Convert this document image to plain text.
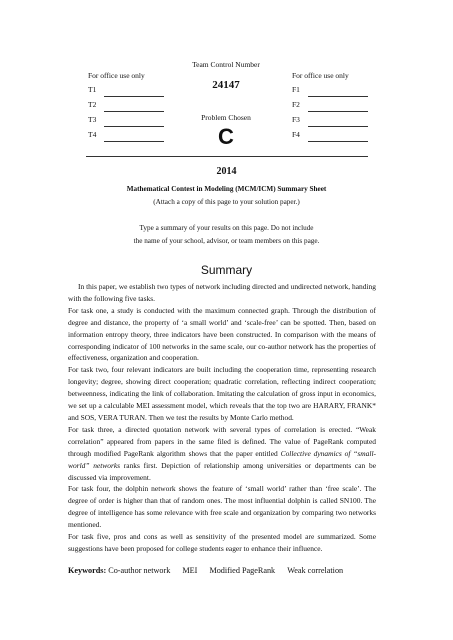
For office use only
T1
T2
T3
T4
Team Control Number
24147
Problem Chosen
C
For office use only
F1
F2
F3
F4
2014
Mathematical Contest in Modeling (MCM/ICM) Summary Sheet
(Attach a copy of this page to your solution paper.)
Type a summary of your results on this page. Do not include
the name of your school, advisor, or team members on this page.
Summary

In this paper, we establish two types of network including directed and undirected network, handing with the following five tasks.

For task one, a study is conducted with the maximum connected graph. Through the distribution of degree and distance, the property of ‘a small world’ and ‘scale-free’ can be spotted. Then, based on information entropy theory, three indicators have been constructed. In comparison with the means of corresponding indicator of 100 networks in the same scale, our co-author network has the properties of effectiveness, organization and cooperation.

For task two, four relevant indicators are built including the cooperation time, representing research longevity; degree, showing direct cooperation; quadratic correlation, reflecting indirect cooperation; betweenness, indicating the link of collaboration. Imitating the calculation of gross input in economics, we set up a calculable MEI assessment model, which reveals that the top two are HARARY, FRANK* and SOS, VERA TURAN. Then we test the results by Monte Carlo method.

For task three, a directed quotation network with several types of correlation is erected. “Weak correlation” appeared from papers in the same filed is defined. The value of PageRank computed through modified PageRank algorithm shows that the paper entitled Collective dynamics of “small-world” networks ranks first. Depiction of relationship among universities or departments can be discussed via improvement.

For task four, the dolphin network shows the feature of ‘small world’ rather than ‘free scale’. The degree of order is higher than that of random ones. The most influential dolphin is called SN100. The degree of intelligence has some relevance with free scale and organization by comparing two networks mentioned.

For task five, pros and cons as well as sensitivity of the presented model are summarized. Some suggestions have been proposed for college students eager to enhance their influence.

Keywords: Co-author network MEI Modified PageRank Weak correlation
